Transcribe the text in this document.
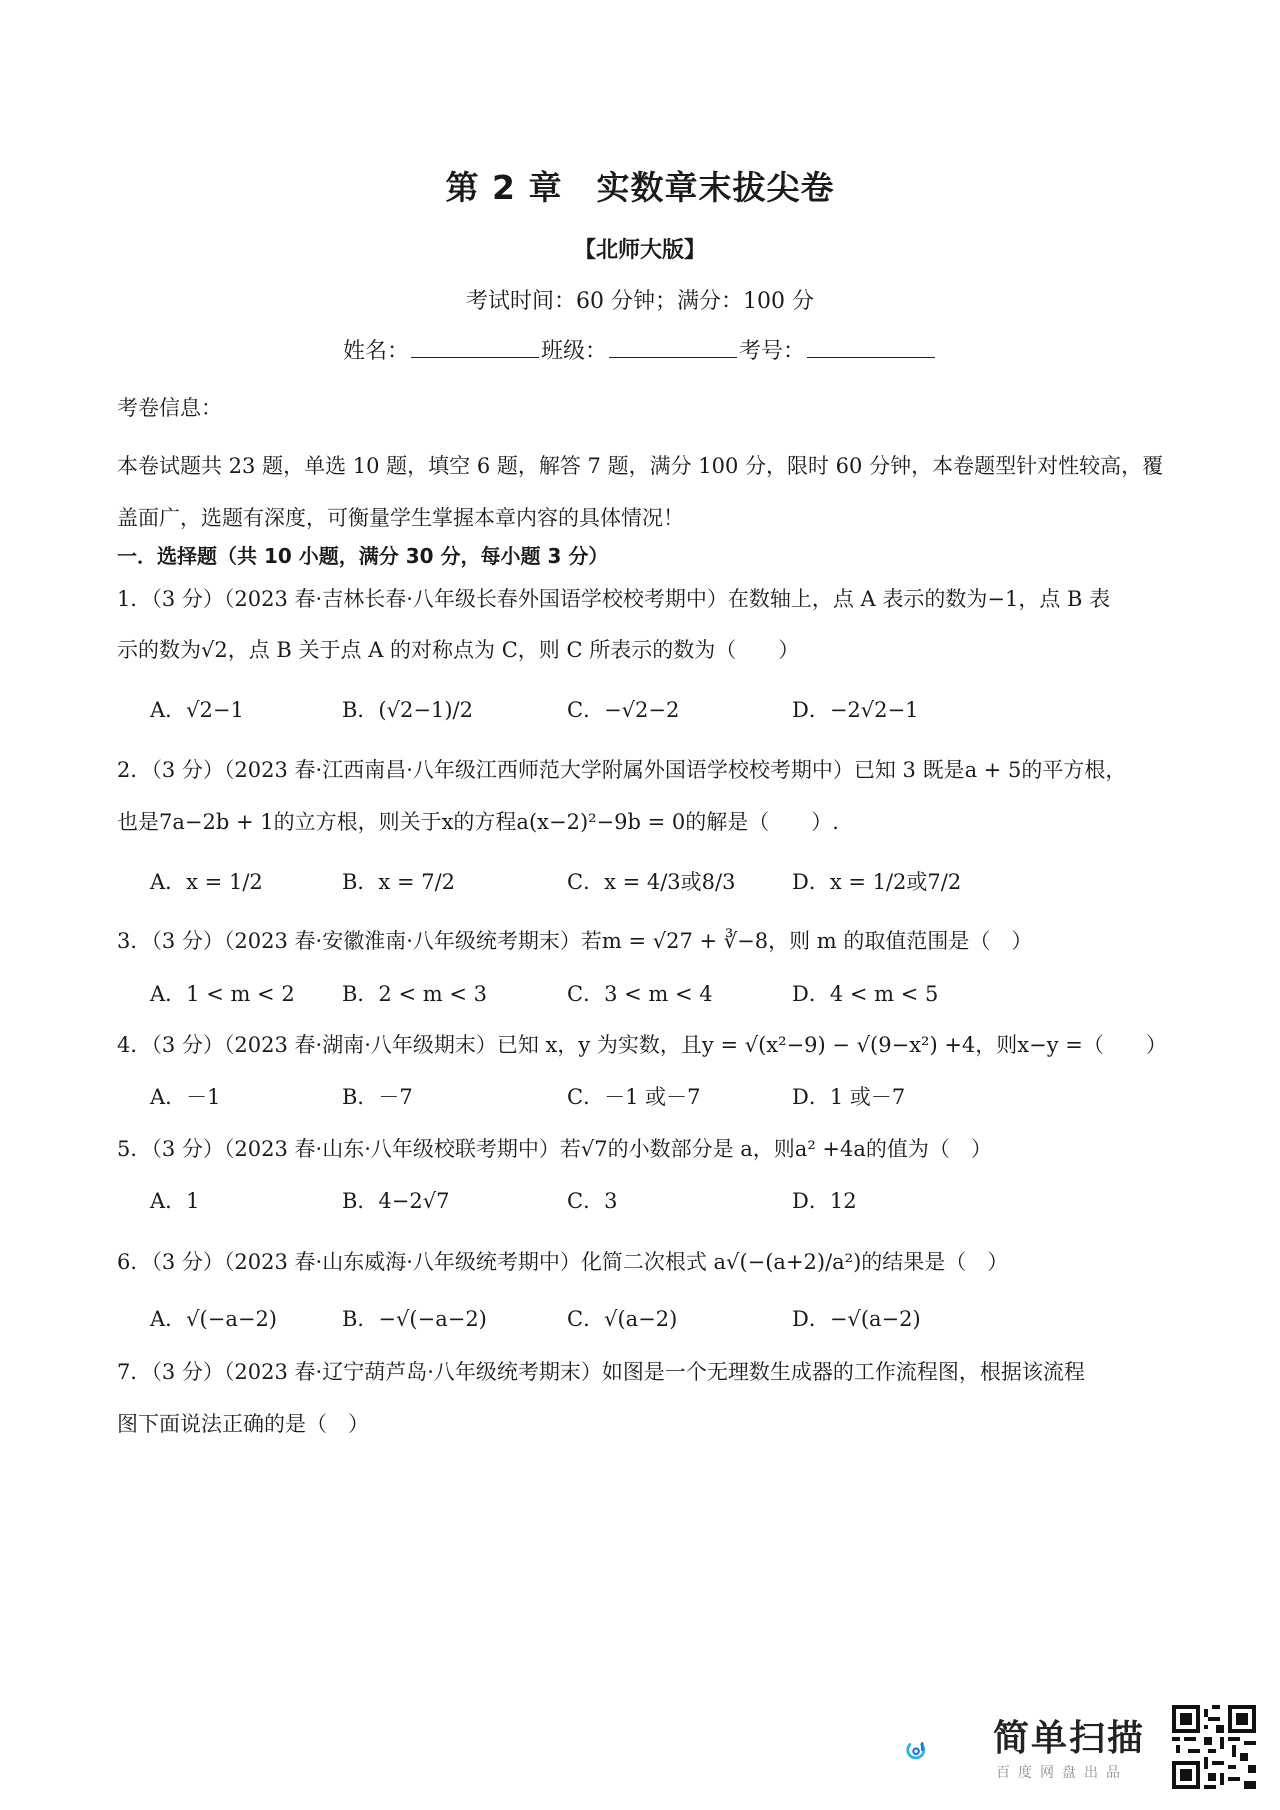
第 2 章　实数章末拔尖卷
【北师大版】
考试时间：60 分钟；满分：100 分
姓名：	班级：	考号：
考卷信息：
本卷试题共 23 题，单选 10 题，填空 6 题，解答 7 题，满分 100 分，限时 60 分钟，本卷题型针对性较高，覆盖面广，选题有深度，可衡量学生掌握本章内容的具体情况！
一．选择题（共 10 小题，满分 30 分，每小题 3 分）
1．（3 分）（2023 春·吉林长春·八年级长春外国语学校校考期中）在数轴上，点 A 表示的数为−1，点 B 表
示的数为√2，点 B 关于点 A 的对称点为 C，则 C 所表示的数为（　　）
A．√2−1	B．(√2−1)/2	C．−√2−2	D．−2√2−1
2．（3 分）（2023 春·江西南昌·八年级江西师范大学附属外国语学校校考期中）已知 3 既是a + 5的平方根，
也是7a−2b + 1的立方根，则关于x的方程a(x−2)²−9b = 0的解是（　　）.
A．x = 1/2	B．x = 7/2	C．x = 4/3或8/3	D．x = 1/2或7/2
3．（3 分）（2023 春·安徽淮南·八年级统考期末）若m = √27 + ∛−8，则 m 的取值范围是（　）
A．1 < m < 2 B．2 < m < 3	C．3 < m < 4	D．4 < m < 5
4．（3 分）（2023 春·湖南·八年级期末）已知 x，y 为实数，且y = √(x²−9) − √(9−x²) +4，则x−y =（　　）
A．－1	B．－7	C．－1 或－7	D．1 或－7
5．（3 分）（2023 春·山东·八年级校联考期中）若√7的小数部分是 a，则a² +4a的值为（　）
A．1	B．4−2√7	C．3	D．12
6．（3 分）（2023 春·山东威海·八年级统考期中）化简二次根式 a√(−(a+2)/a²)的结果是（　）
A．√(−a−2)	B．−√(−a−2)	C．√(a−2)	D．−√(a−2)
7．（3 分）（2023 春·辽宁葫芦岛·八年级统考期末）如图是一个无理数生成器的工作流程图，根据该流程
图下面说法正确的是（　）
简单扫描
百度网盘出品
